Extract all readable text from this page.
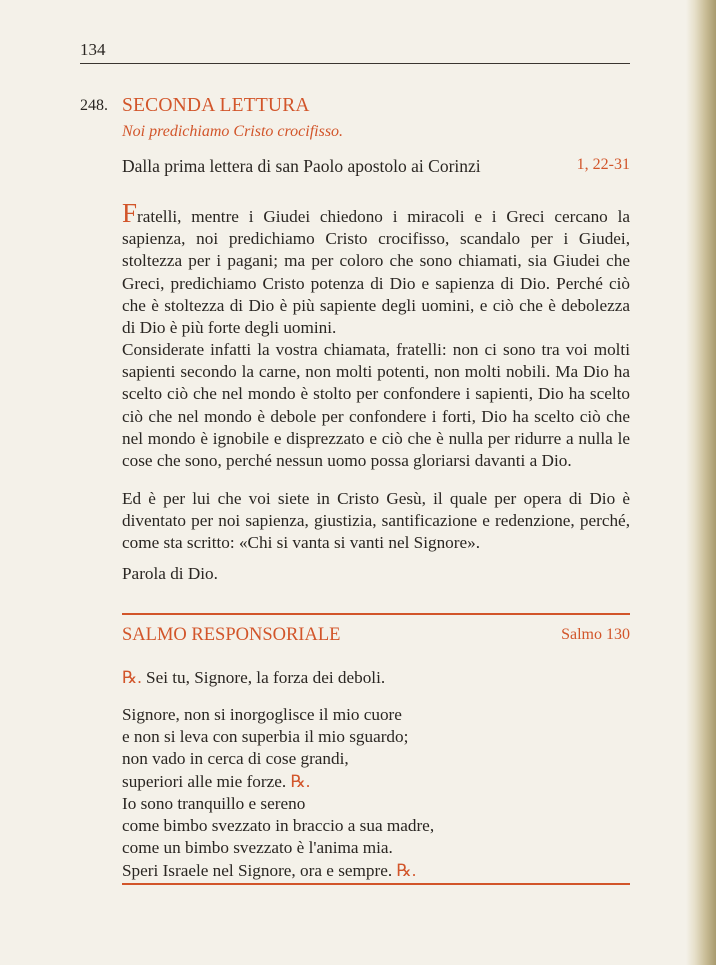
134
248. SECONDA LETTURA
Noi predichiamo Cristo crocifisso.
Dalla prima lettera di san Paolo apostolo ai Corinzi	1, 22-31
Fratelli, mentre i Giudei chiedono i miracoli e i Greci cercano la sapienza, noi predichiamo Cristo crocifisso, scandalo per i Giudei, stoltezza per i pagani; ma per coloro che sono chiamati, sia Giudei che Greci, predichiamo Cristo potenza di Dio e sapienza di Dio. Perché ciò che è stoltezza di Dio è più sapiente degli uomini, e ciò che è debolezza di Dio è più forte degli uomini.
Considerate infatti la vostra chiamata, fratelli: non ci sono tra voi molti sapienti secondo la carne, non molti potenti, non molti nobili. Ma Dio ha scelto ciò che nel mondo è stolto per confondere i sapienti, Dio ha scelto ciò che nel mondo è debole per confondere i forti, Dio ha scelto ciò che nel mondo è ignobile e disprezzato e ciò che è nulla per ridurre a nulla le cose che sono, perché nessun uomo possa gloriarsi davanti a Dio.
Ed è per lui che voi siete in Cristo Gesù, il quale per opera di Dio è diventato per noi sapienza, giustizia, santificazione e redenzione, perché, come sta scritto: «Chi si vanta si vanti nel Signore».
Parola di Dio.
SALMO RESPONSORIALE	Salmo 130
℞. Sei tu, Signore, la forza dei deboli.
Signore, non si inorgoglisce il mio cuore
e non si leva con superbia il mio sguardo;
non vado in cerca di cose grandi,
superiori alle mie forze. ℞.
Io sono tranquillo e sereno
come bimbo svezzato in braccio a sua madre,
come un bimbo svezzato è l'anima mia.
Speri Israele nel Signore, ora e sempre. ℞.
